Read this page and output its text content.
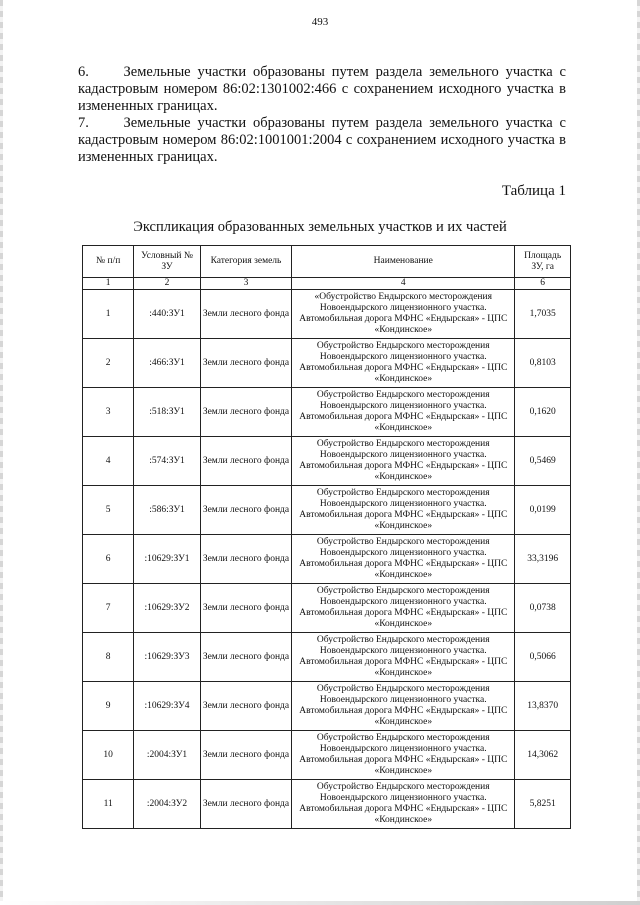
493

6.     Земельные участки образованы путем раздела земельного участка с кадастровым номером 86:02:1301002:466 с сохранением исходного участка в измененных границах.

7.     Земельные участки образованы путем раздела земельного участка с кадастровым номером 86:02:1001001:2004 с сохранением исходного участка в измененных границах.

Таблица 1
Экспликация образованных земельных участков и их частей
№ п/п	Условный № ЗУ	Категория земель	Наименование	Площадь ЗУ, га
1	2	3	4	6
1	:440:ЗУ1	Земли лесного фонда	«Обустройство Ендырского месторождения Новоендырского лицензионного участка. Автомобильная дорога МФНС «Ендырская» - ЦПС «Кондинское»	1,7035
2	:466:ЗУ1	Земли лесного фонда	Обустройство Ендырского месторождения Новоендырского лицензионного участка. Автомобильная дорога МФНС «Ендырская» - ЦПС «Кондинское»	0,8103
3	:518:ЗУ1	Земли лесного фонда	Обустройство Ендырского месторождения Новоендырского лицензионного участка. Автомобильная дорога МФНС «Ендырская» - ЦПС «Кондинское»	0,1620
4	:574:ЗУ1	Земли лесного фонда	Обустройство Ендырского месторождения Новоендырского лицензионного участка. Автомобильная дорога МФНС «Ендырская» - ЦПС «Кондинское»	0,5469
5	:586:ЗУ1	Земли лесного фонда	Обустройство Ендырского месторождения Новоендырского лицензионного участка. Автомобильная дорога МФНС «Ендырская» - ЦПС «Кондинское»	0,0199
6	:10629:ЗУ1	Земли лесного фонда	Обустройство Ендырского месторождения Новоендырского лицензионного участка. Автомобильная дорога МФНС «Ендырская» - ЦПС «Кондинское»	33,3196
7	:10629:ЗУ2	Земли лесного фонда	Обустройство Ендырского месторождения Новоендырского лицензионного участка. Автомобильная дорога МФНС «Ендырская» - ЦПС «Кондинское»	0,0738
8	:10629:ЗУ3	Земли лесного фонда	Обустройство Ендырского месторождения Новоендырского лицензионного участка. Автомобильная дорога МФНС «Ендырская» - ЦПС «Кондинское»	0,5066
9	:10629:ЗУ4	Земли лесного фонда	Обустройство Ендырского месторождения Новоендырского лицензионного участка. Автомобильная дорога МФНС «Ендырская» - ЦПС «Кондинское»	13,8370
10	:2004:ЗУ1	Земли лесного фонда	Обустройство Ендырского месторождения Новоендырского лицензионного участка. Автомобильная дорога МФНС «Ендырская» - ЦПС «Кондинское»	14,3062
11	:2004:ЗУ2	Земли лесного фонда	Обустройство Ендырского месторождения Новоендырского лицензионного участка. Автомобильная дорога МФНС «Ендырская» - ЦПС «Кондинское»	5,8251
